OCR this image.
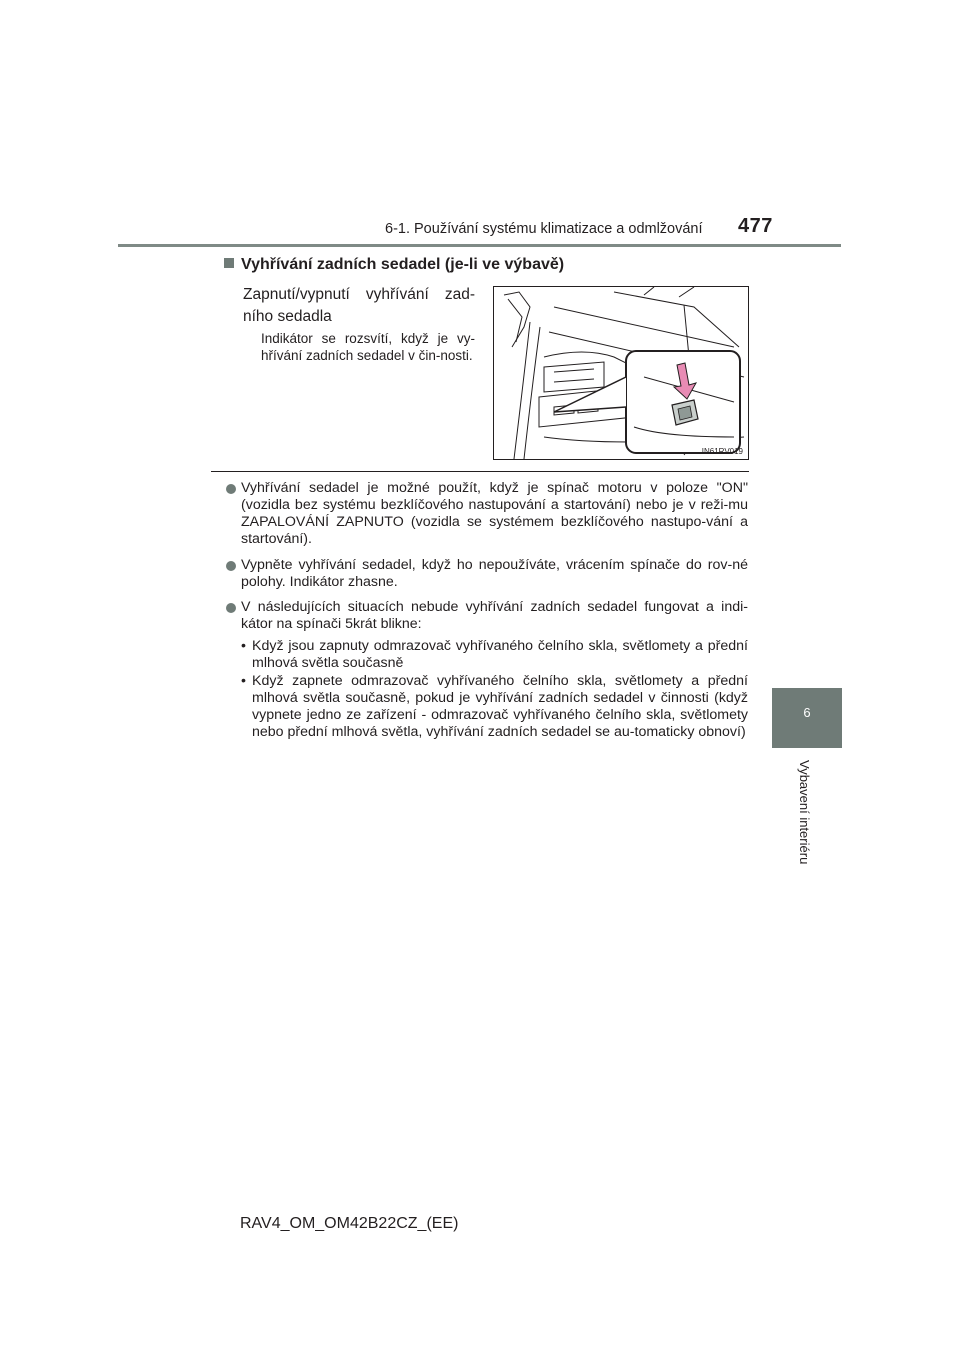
6-1. Používání systému klimatizace a odmlžování 477
6
Vybavení interiéru
Vyhřívání zadních sedadel (je-li ve výbavě)
Zapnutí/vypnutí vyhřívání zad-ního sedadla
Indikátor se rozsvítí, když je vy-hřívání zadních sedadel v čin-nosti.
IN61RV019
Vyhřívání sedadel je možné použít, když je spínač motoru v poloze "ON" (vozidla bez systému bezklíčového nastupování a startování) nebo je v reži-mu ZAPALOVÁNÍ ZAPNUTO (vozidla se systémem bezklíčového nastupo-vání a startování).
Vypněte vyhřívání sedadel, když ho nepoužíváte, vrácením spínače do rov-né polohy. Indikátor zhasne.
V následujících situacích nebude vyhřívání zadních sedadel fungovat a indi-kátor na spínači 5krát blikne:
• Když jsou zapnuty odmrazovač vyhřívaného čelního skla, světlomety a přední mlhová světla současně
• Když zapnete odmrazovač vyhřívaného čelního skla, světlomety a přední mlhová světla současně, pokud je vyhřívání zadních sedadel v činnosti (když vypnete jedno ze zařízení - odmrazovač vyhřívaného čelního skla, světlomety nebo přední mlhová světla, vyhřívání zadních sedadel se au-tomaticky obnoví)
RAV4_OM_OM42B22CZ_(EE)
